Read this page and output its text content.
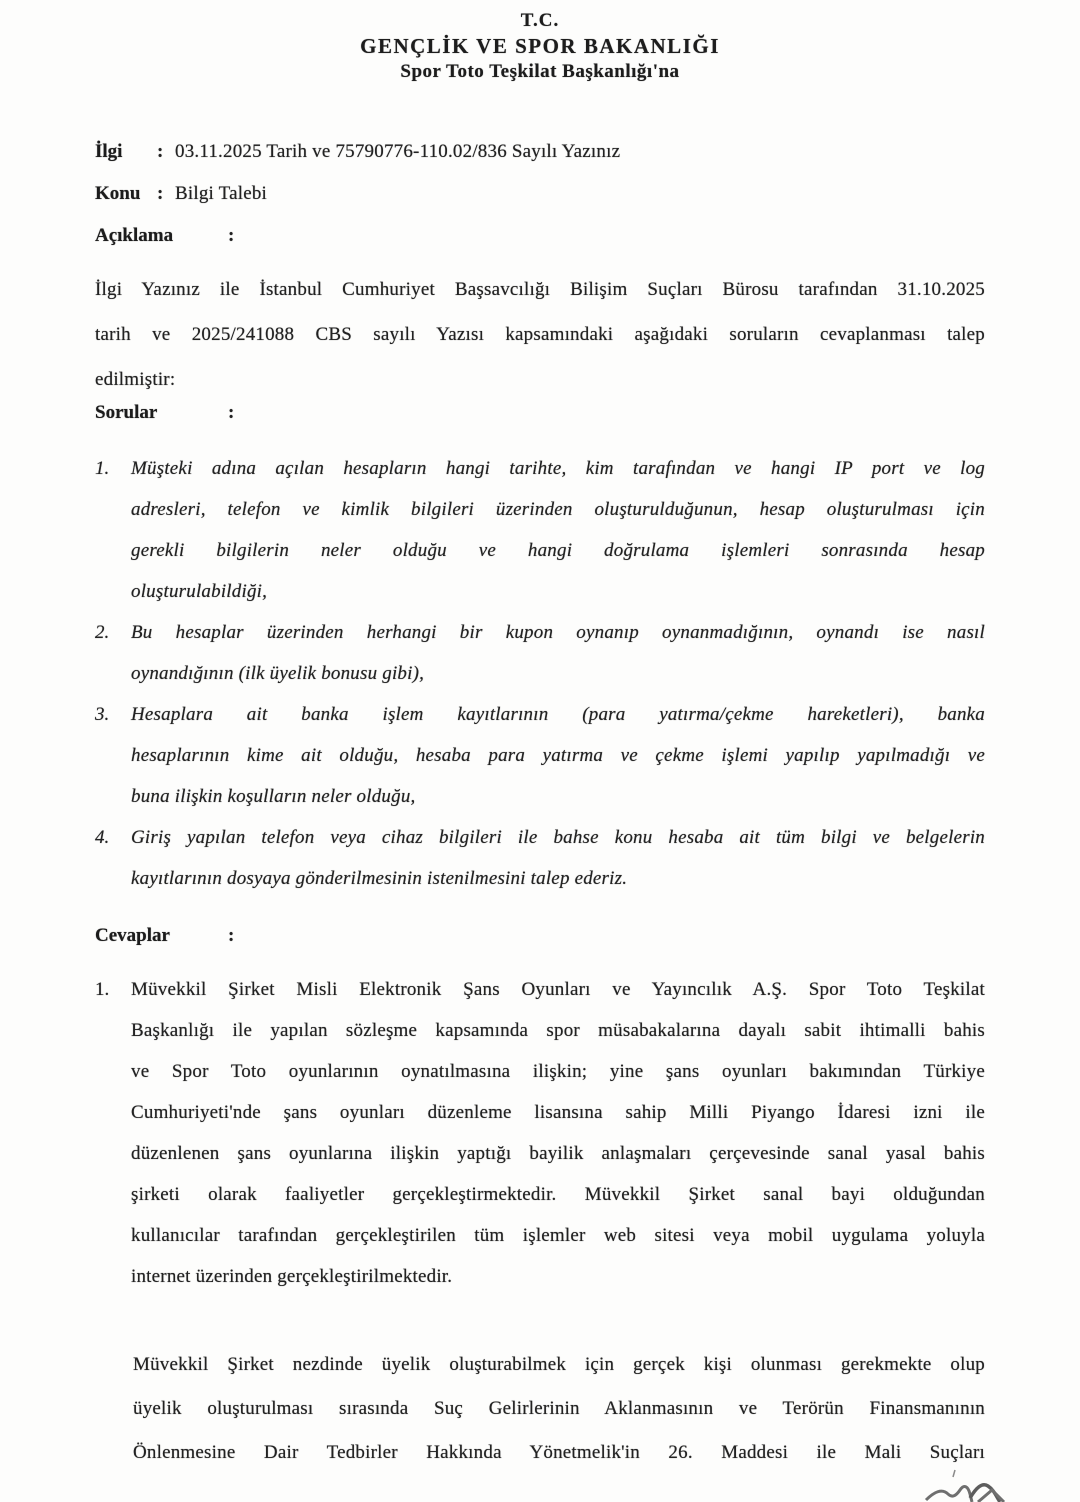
T.C.
GENÇLİK VE SPOR BAKANLIĞI
Spor Toto Teşkilat Başkanlığı'na
İlgi	: 03.11.2025 Tarih ve 75790776-110.02/836 Sayılı Yazınız
Konu : Bilgi Talebi
Açıklama	:
İlgi Yazınız ile İstanbul Cumhuriyet Başsavcılığı Bilişim Suçları Bürosu tarafından 31.10.2025
tarih ve 2025/241088 CBS sayılı Yazısı kapsamındaki aşağıdaki soruların cevaplanması talep
edilmiştir:
Sorular	:
1.	Müşteki adına açılan hesapların hangi tarihte, kim tarafından ve hangi IP port ve log
adresleri, telefon ve kimlik bilgileri üzerinden oluşturulduğunun, hesap oluşturulması için
gerekli bilgilerin neler olduğu ve hangi doğrulama işlemleri sonrasında hesap
oluşturulabildiği,
2.	Bu hesaplar üzerinden herhangi bir kupon oynanıp oynanmadığının, oynandı ise nasıl
oynandığının (ilk üyelik bonusu gibi),
3.	Hesaplara ait banka işlem kayıtlarının (para yatırma/çekme hareketleri), banka
hesaplarının kime ait olduğu, hesaba para yatırma ve çekme işlemi yapılıp yapılmadığı ve
buna ilişkin koşulların neler olduğu,
4.	Giriş yapılan telefon veya cihaz bilgileri ile bahse konu hesaba ait tüm bilgi ve belgelerin
kayıtlarının dosyaya gönderilmesinin istenilmesini talep ederiz.
Cevaplar	:
1.	Müvekkil Şirket Misli Elektronik Şans Oyunları ve Yayıncılık A.Ş. Spor Toto Teşkilat
Başkanlığı ile yapılan sözleşme kapsamında spor müsabakalarına dayalı sabit ihtimalli bahis
ve Spor Toto oyunlarının oynatılmasına ilişkin; yine şans oyunları bakımından Türkiye
Cumhuriyeti'nde şans oyunları düzenleme lisansına sahip Milli Piyango İdaresi izni ile
düzenlenen şans oyunlarına ilişkin yaptığı bayilik anlaşmaları çerçevesinde sanal yasal bahis
şirketi olarak faaliyetler gerçekleştirmektedir. Müvekkil Şirket sanal bayi olduğundan
kullanıcılar tarafından gerçekleştirilen tüm işlemler web sitesi veya mobil uygulama yoluyla
internet üzerinden gerçekleştirilmektedir.
Müvekkil Şirket nezdinde üyelik oluşturabilmek için gerçek kişi olunması gerekmekte olup
üyelik oluşturulması sırasında Suç Gelirlerinin Aklanmasının ve Terörün Finansmanının
Önlenmesine Dair Tedbirler Hakkında Yönetmelik'in 26. Maddesi ile Mali Suçları
